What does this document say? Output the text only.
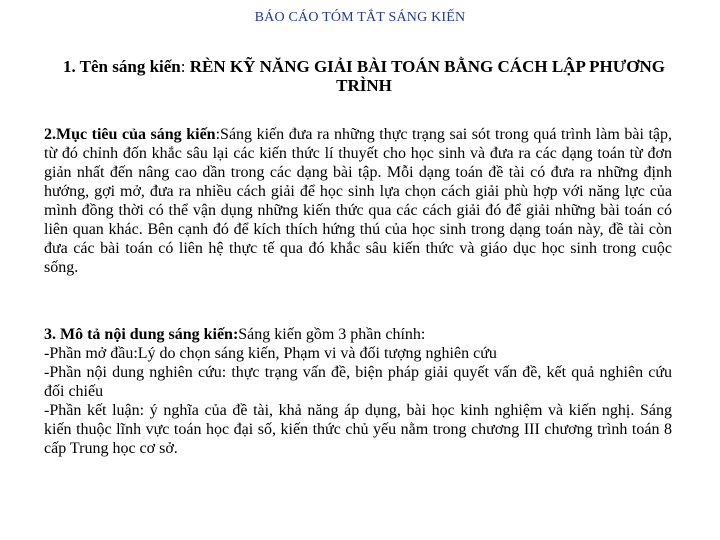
BÁO CÁO TÓM TẮT SÁNG KIẾN
1. Tên sáng kiến: RÈN KỸ NĂNG GIẢI BÀI TOÁN BẰNG CÁCH LẬP PHƯƠNG TRÌNH
2.Mục tiêu của sáng kiến:Sáng kiến đưa ra những thực trạng sai sót trong quá trình làm bài tập, từ đó chỉnh đốn khắc sâu lại các kiến thức lí thuyết cho học sinh và đưa ra các dạng toán từ đơn giản nhất đến nâng cao dần trong các dạng bài tập. Mỗi dạng toán đề tài có đưa ra những định hướng, gợi mở, đưa ra nhiều cách giải để học sinh lựa chọn cách giải phù hợp với năng lực của mình đồng thời có thể vận dụng những kiến thức qua các cách giải đó để giải những bài toán có liên quan khác. Bên cạnh đó để kích thích hứng thú của học sinh trong dạng toán này, đề tài còn đưa các bài toán có liên hệ thực tế qua đó khắc sâu kiến thức và giáo dục học sinh trong cuộc sống.
3. Mô tả nội dung sáng kiến:Sáng kiến gồm 3 phần chính:
-Phần mở đầu:Lý do chọn sáng kiến, Phạm vi và đối tượng nghiên cứu
-Phần nội dung nghiên cứu: thực trạng vấn đề, biện pháp giải quyết vấn đề, kết quả nghiên cứu đối chiếu
-Phần kết luận: ý nghĩa của đề tài, khả năng áp dụng, bài học kinh nghiệm và kiến nghị. Sáng kiến thuộc lĩnh vực toán học đại số, kiến thức chủ yếu nằm trong chương III chương trình toán 8 cấp Trung học cơ sở.
